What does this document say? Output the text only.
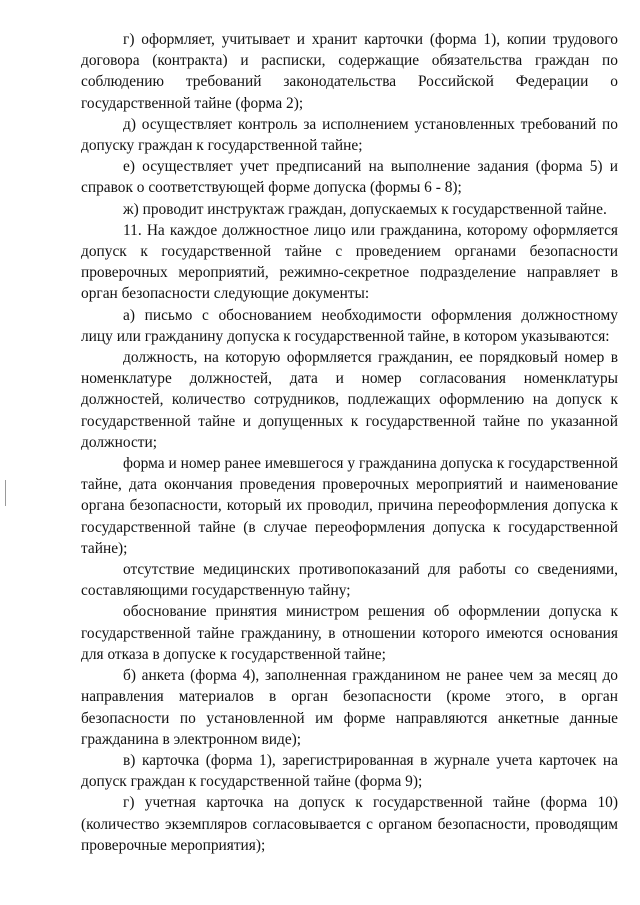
г) оформляет, учитывает и хранит карточки (форма 1), копии трудового договора (контракта) и расписки, содержащие обязательства граждан по соблюдению требований законодательства Российской Федерации о государственной тайне (форма 2);

д) осуществляет контроль за исполнением установленных требований по допуску граждан к государственной тайне;

е) осуществляет учет предписаний на выполнение задания (форма 5) и справок о соответствующей форме допуска (формы 6 - 8);

ж) проводит инструктаж граждан, допускаемых к государственной тайне.

11. На каждое должностное лицо или гражданина, которому оформляется допуск к государственной тайне с проведением органами безопасности проверочных мероприятий, режимно-секретное подразделение направляет в орган безопасности следующие документы:

а) письмо с обоснованием необходимости оформления должностному лицу или гражданину допуска к государственной тайне, в котором указываются:

должность, на которую оформляется гражданин, ее порядковый номер в номенклатуре должностей, дата и номер согласования номенклатуры должностей, количество сотрудников, подлежащих оформлению на допуск к государственной тайне и допущенных к государственной тайне по указанной должности;

форма и номер ранее имевшегося у гражданина допуска к государственной тайне, дата окончания проведения проверочных мероприятий и наименование органа безопасности, который их проводил, причина переоформления допуска к государственной тайне (в случае переоформления допуска к государственной тайне);

отсутствие медицинских противопоказаний для работы со сведениями, составляющими государственную тайну;

обоснование принятия министром решения об оформлении допуска к государственной тайне гражданину, в отношении которого имеются основания для отказа в допуске к государственной тайне;

б) анкета (форма 4), заполненная гражданином не ранее чем за месяц до направления материалов в орган безопасности (кроме этого, в орган безопасности по установленной им форме направляются анкетные данные гражданина в электронном виде);

в) карточка (форма 1), зарегистрированная в журнале учета карточек на допуск граждан к государственной тайне (форма 9);

г) учетная карточка на допуск к государственной тайне (форма 10) (количество экземпляров согласовывается с органом безопасности, проводящим проверочные мероприятия);
